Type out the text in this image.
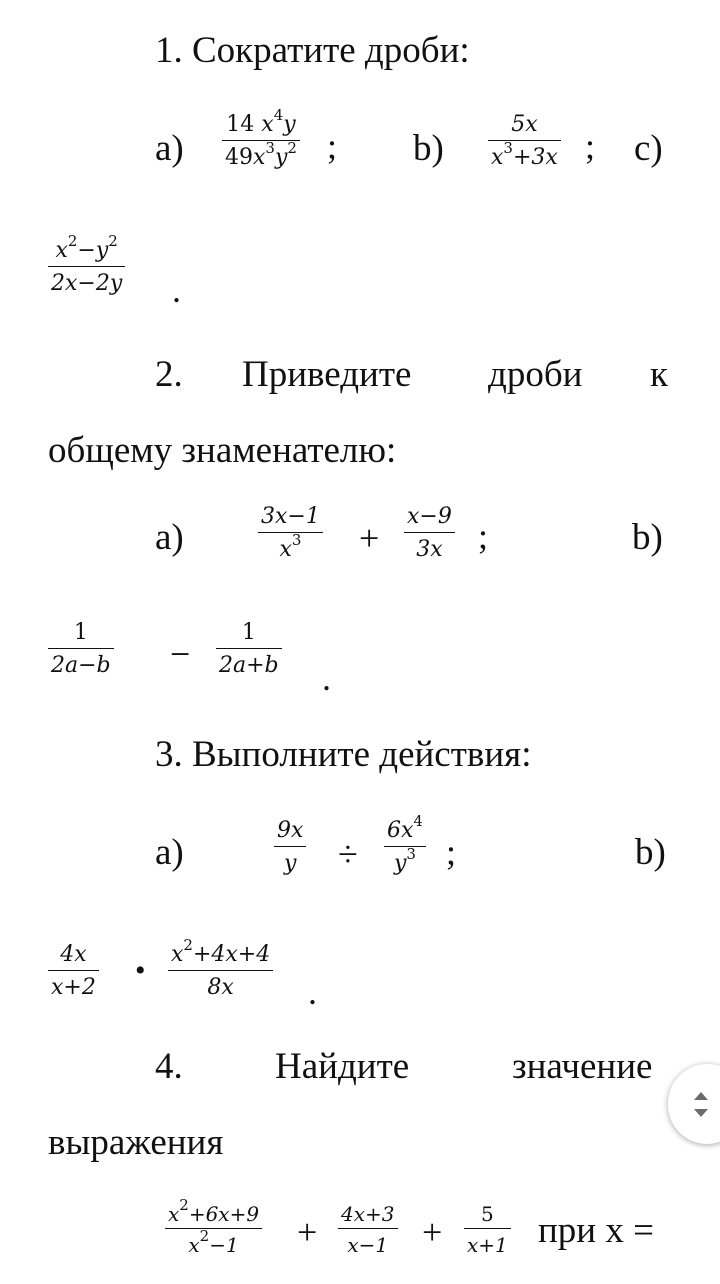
1. Сократите дроби:
$a) \frac{14 x^4y}{49x^3y^2}$ ; $b) \frac{5x}{x^3+3x}$ ; c)
$\frac{x^2-y^2}{2x-2y}$ .
2. Приведите дроби к
общему знаменателю:
a)	$\frac{3x-1}{x^3} + \frac{x-9}{3x}$ ;	b)
$\frac{1}{2a-b} - \frac{1}{2a+b}$
.
3. Выполните действия:
a)	$\frac{9x}{y} \div \frac{6x^4}{y^3}$ ;	b)
$\frac{4x}{x+2}$ • $\frac{x^2+4x+4}{8x}$ .
4. Найдите	значение
выражения
$\frac{x^2+6x+9}{x^2-1} + \frac{4x+3}{x-1} + \frac{5}{x+1}$ при х =
